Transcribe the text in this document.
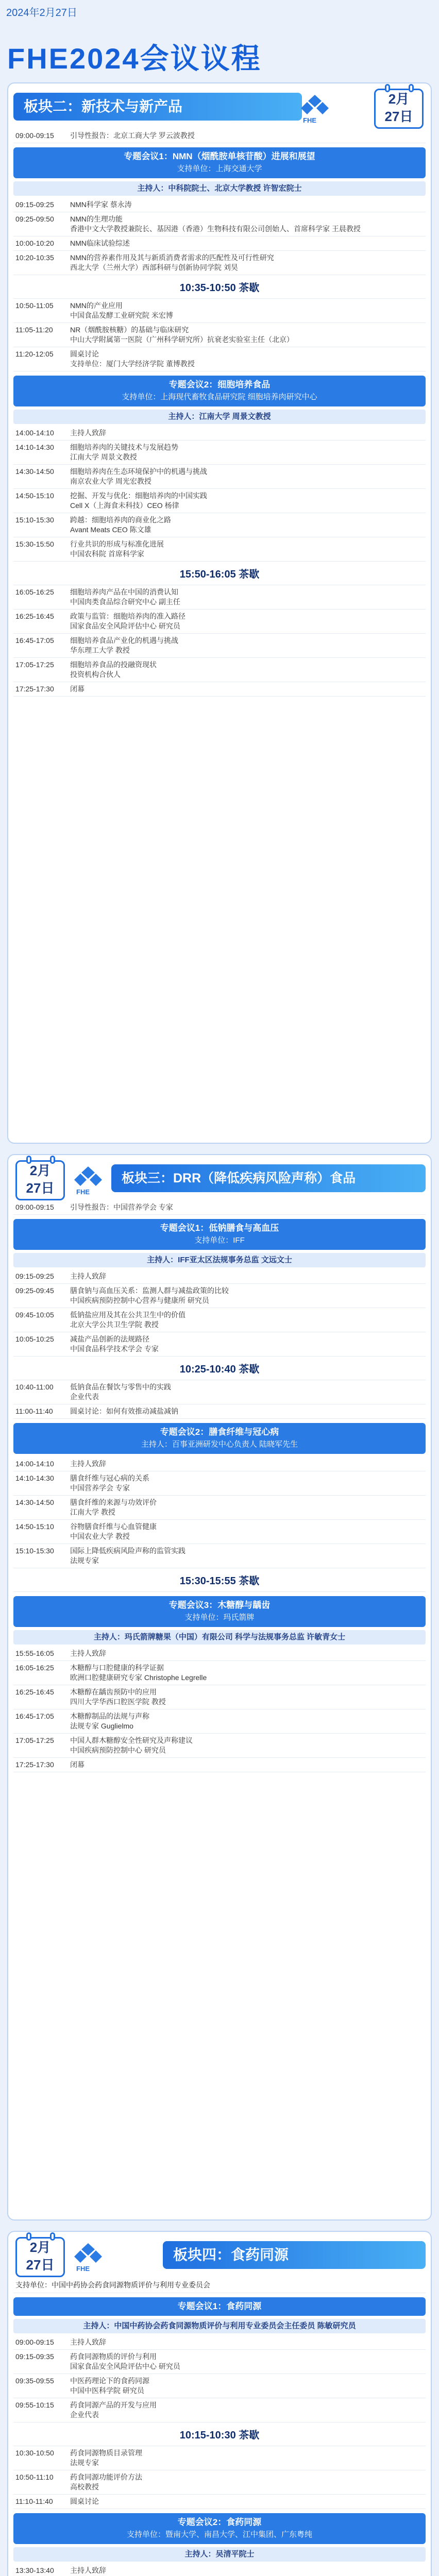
2024年2月27日
FHE2024会议议程
板块二：新技术与新产品
FHE
2月
27日
09:00-09:15	引导性报告：北京工商大学 罗云波教授
专题会议1：NMN（烟酰胺单核苷酸）进展和展望
支持单位：上海交通大学
主持人：中科院院士、北京大学教授 许智宏院士
09:15-09:25	NMN科学家 蔡永涛
09:25-09:50	NMN的生理功能
香港中文大学教授兼院长、基因港（香港）生物科技有限公司创始人、首席科学家 王晨教授
10:00-10:20	NMN临床试验综述
10:20-10:35	NMN的营养素作用及其与新质消费者需求的匹配性及可行性研究
西北大学（兰州大学）西部科研与创新协同学院 刘昊
10:35-10:50 茶歇
10:50-11:05	NMN的产业应用
中国食品发酵工业研究院 米宏博
11:05-11:20	NR（烟酰胺核糖）的基础与临床研究
中山大学附属第一医院（广州科学研究所）抗衰老实验室主任（北京）
11:20-12:05	圆桌讨论
支持单位：厦门大学经济学院 董博教授
专题会议2：细胞培养食品
支持单位：上海现代畜牧食品研究院 细胞培养肉研究中心
主持人：江南大学 周景文教授
14:00-14:10	主持人致辞
14:10-14:30	细胞培养肉的关键技术与发展趋势
江南大学 周景文教授
14:30-14:50	细胞培养肉在生态环境保护中的机遇与挑战
南京农业大学 周光宏教授
14:50-15:10	挖掘、开发与优化：细胞培养肉的中国实践
Cell X（上海食未科技）CEO 杨律
15:10-15:30	跨越：细胞培养肉的商业化之路
Avant Meats CEO 陈文雄
15:30-15:50	行业共识的形成与标准化进展
中国农科院 首席科学家
15:50-16:05 茶歇
16:05-16:25	细胞培养肉产品在中国的消费认知
中国肉类食品综合研究中心 副主任
16:25-16:45	政策与监管：细胞培养肉的准入路径
国家食品安全风险评估中心 研究员
16:45-17:05	细胞培养食品产业化的机遇与挑战
华东理工大学 教授
17:05-17:25	细胞培养食品的投融资现状
投资机构合伙人
17:25-17:30	闭幕
2月
27日	FHE
板块三：DRR（降低疾病风险声称）食品
09:00-09:15	引导性报告：中国营养学会 专家
专题会议1：低钠膳食与高血压
支持单位：IFF
主持人：IFF亚太区法规事务总监 文远文士
09:15-09:25	主持人致辞
09:25-09:45	膳食钠与高血压关系：监测人群与减盐政策的比较
中国疾病预防控制中心营养与健康所 研究员
09:45-10:05	低钠盐应用及其在公共卫生中的价值
北京大学公共卫生学院 教授
10:05-10:25	减盐产品创新的法规路径
中国食品科学技术学会 专家
10:25-10:40 茶歇
10:40-11:00	低钠食品在餐饮与零售中的实践
企业代表
11:00-11:40	圆桌讨论：如何有效推动减盐减钠
专题会议2：膳食纤维与冠心病
主持人：百事亚洲研发中心负责人 陆晓军先生
14:00-14:10	主持人致辞
14:10-14:30	膳食纤维与冠心病的关系
中国营养学会 专家
14:30-14:50	膳食纤维的来源与功效评价
江南大学 教授
14:50-15:10	谷物膳食纤维与心血管健康
中国农业大学 教授
15:10-15:30	国际上降低疾病风险声称的监管实践
法规专家
15:30-15:55 茶歇
专题会议3：木糖醇与龋齿
支持单位：玛氏箭牌
主持人：玛氏箭牌糖果（中国）有限公司 科学与法规事务总监 许敏青女士
15:55-16:05	主持人致辞
16:05-16:25	木糖醇与口腔健康的科学证据
欧洲口腔健康研究专家 Christophe Legrelle
16:25-16:45	木糖醇在龋齿预防中的应用
四川大学华西口腔医学院 教授
16:45-17:05	木糖醇制品的法规与声称
法规专家 Guglielmo
17:05-17:25	中国人群木糖醇安全性研究及声称建议
中国疾病预防控制中心 研究员
17:25-17:30	闭幕
2月
27日	FHE
板块四：食药同源
支持单位：中国中药协会药食同源物质评价与利用专业委员会
专题会议1：食药同源
主持人：中国中药协会药食同源物质评价与利用专业委员会主任委员 陈敏研究员
09:00-09:15	主持人致辞
09:15-09:35	药食同源物质的评价与利用
国家食品安全风险评估中心 研究员
09:35-09:55	中医药理论下的食药同源
中国中医科学院 研究员
09:55-10:15	药食同源产品的开发与应用
企业代表
10:15-10:30 茶歇
10:30-10:50	药食同源物质目录管理
法规专家
10:50-11:10	药食同源功能评价方法
高校教授
11:10-11:40	圆桌讨论
专题会议2：食药同源
支持单位：暨南大学、南昌大学、江中集团、广东粤纯
主持人：吴清平院士
13:30-13:40	主持人致辞
